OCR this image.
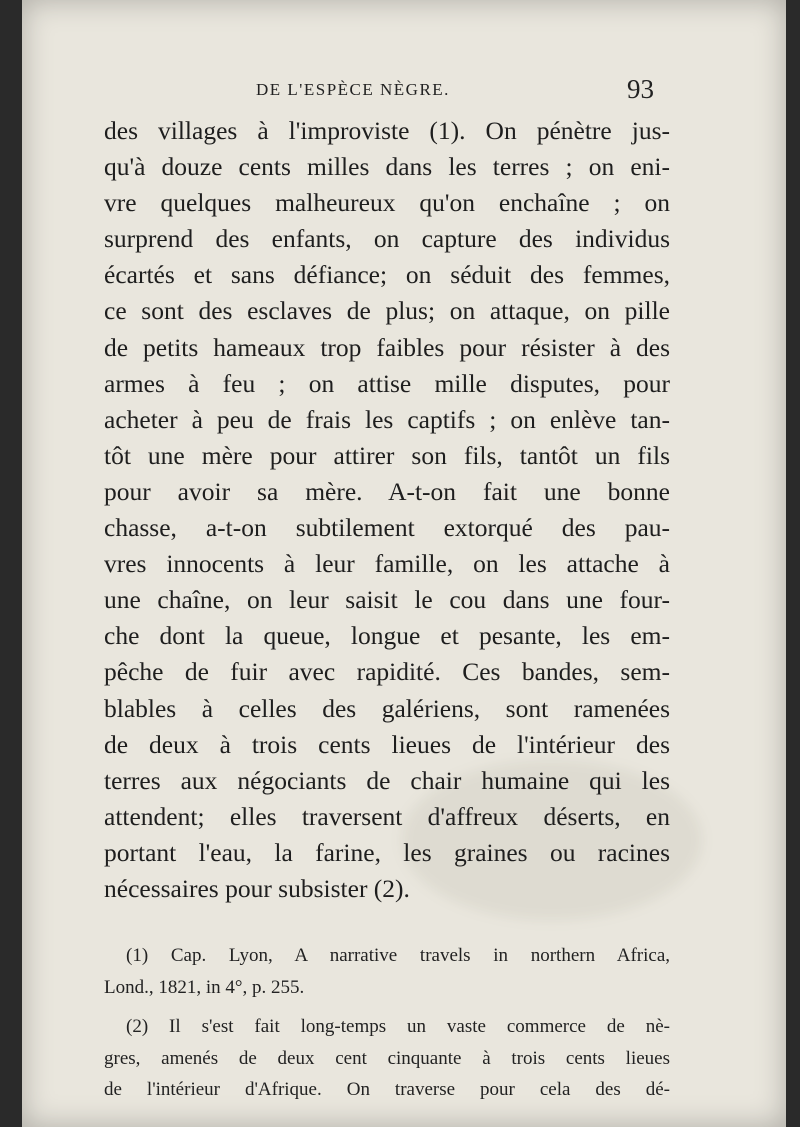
DE L'ESPÈCE NÈGRE.	93
des villages à l'improviste (1). On pénètre jus-
qu'à douze cents milles dans les terres ; on eni-
vre quelques malheureux qu'on enchaîne ; on
surprend des enfants, on capture des individus
écartés et sans défiance; on séduit des femmes,
ce sont des esclaves de plus; on attaque, on pille
de petits hameaux trop faibles pour résister à des
armes à feu ; on attise mille disputes, pour
acheter à peu de frais les captifs ; on enlève tan-
tôt une mère pour attirer son fils, tantôt un fils
pour avoir sa mère. A-t-on fait une bonne
chasse, a-t-on subtilement extorqué des pau-
vres innocents à leur famille, on les attache à
une chaîne, on leur saisit le cou dans une four-
che dont la queue, longue et pesante, les em-
pêche de fuir avec rapidité. Ces bandes, sem-
blables à celles des galériens, sont ramenées
de deux à trois cents lieues de l'intérieur des
terres aux négociants de chair humaine qui les
attendent; elles traversent d'affreux déserts, en
portant l'eau, la farine, les graines ou racines
nécessaires pour subsister (2).
(1) Cap. Lyon, A narrative travels in northern Africa,
Lond., 1821, in 4°, p. 255.
(2) Il s'est fait long-temps un vaste commerce de nè-
gres, amenés de deux cent cinquante à trois cents lieues
de l'intérieur d'Afrique. On traverse pour cela des dé-
